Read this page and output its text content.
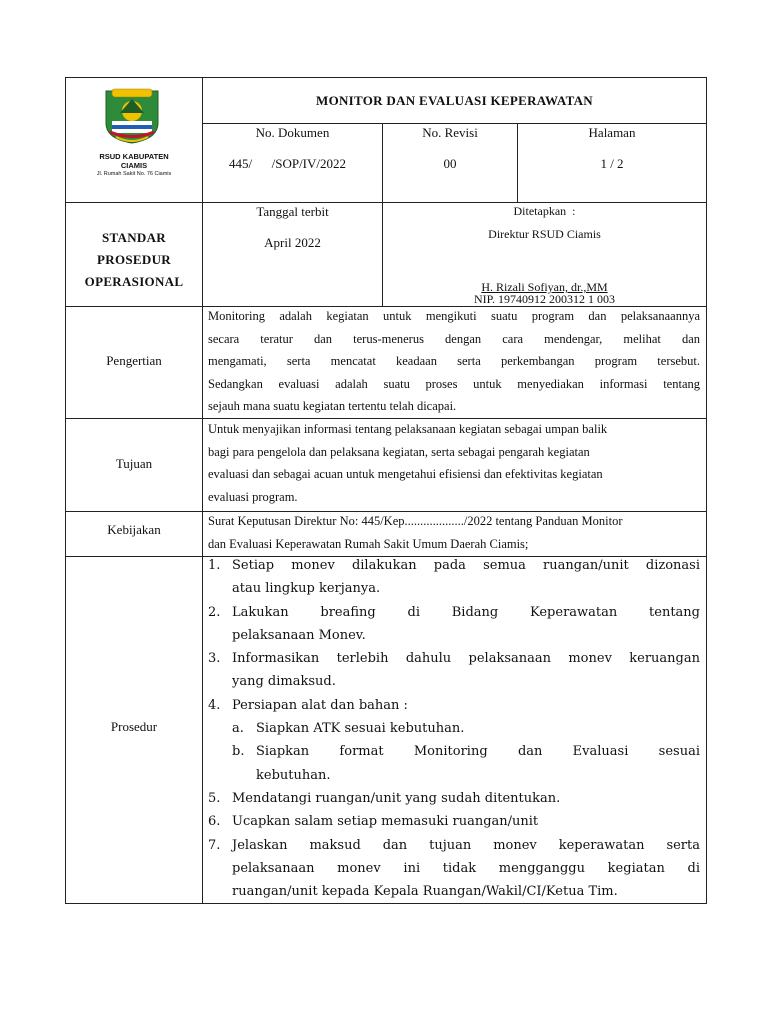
RSUD KABUPATEN
CIAMIS
Jl. Rumah Sakit No. 76 Ciamis
MONITOR DAN EVALUASI KEPERAWATAN
No. Dokumen
445/      /SOP/IV/2022
No. Revisi
00
Halaman
1 / 2
STANDAR
PROSEDUR
OPERASIONAL
Tanggal terbit
April 2022
Ditetapkan  :
Direktur RSUD Ciamis
H. Rizali Sofiyan, dr.,MM
NIP. 19740912 200312 1 003
Pengertian
Monitoring adalah kegiatan untuk mengikuti suatu program dan pelaksanaannya
secara teratur dan terus-menerus dengan cara mendengar, melihat dan
mengamati, serta mencatat keadaan serta perkembangan program tersebut.
Sedangkan evaluasi adalah suatu proses untuk menyediakan informasi tentang
sejauh mana suatu kegiatan tertentu telah dicapai.
Tujuan
Untuk menyajikan informasi tentang pelaksanaan kegiatan sebagai umpan balik
bagi para pengelola dan pelaksana kegiatan, serta sebagai pengarah kegiatan
evaluasi dan sebagai acuan untuk mengetahui efisiensi dan efektivitas kegiatan
evaluasi program.
Kebijakan
Surat Keputusan Direktur No: 445/Kep.................../2022 tentang Panduan Monitor
dan Evaluasi Keperawatan Rumah Sakit Umum Daerah Ciamis;
Prosedur
1. Setiap monev dilakukan pada semua ruangan/unit dizonasi
atau lingkup kerjanya.
2. Lakukan breafing di Bidang Keperawatan tentang
pelaksanaan Monev.
3. Informasikan terlebih dahulu pelaksanaan monev keruangan
yang dimaksud.
4. Persiapan alat dan bahan :
a. Siapkan ATK sesuai kebutuhan.
b. Siapkan format Monitoring dan Evaluasi sesuai
kebutuhan.
5. Mendatangi ruangan/unit yang sudah ditentukan.
6. Ucapkan salam setiap memasuki ruangan/unit
7. Jelaskan maksud dan tujuan monev keperawatan serta
pelaksanaan monev ini tidak mengganggu kegiatan di
ruangan/unit kepada Kepala Ruangan/Wakil/CI/Ketua Tim.
